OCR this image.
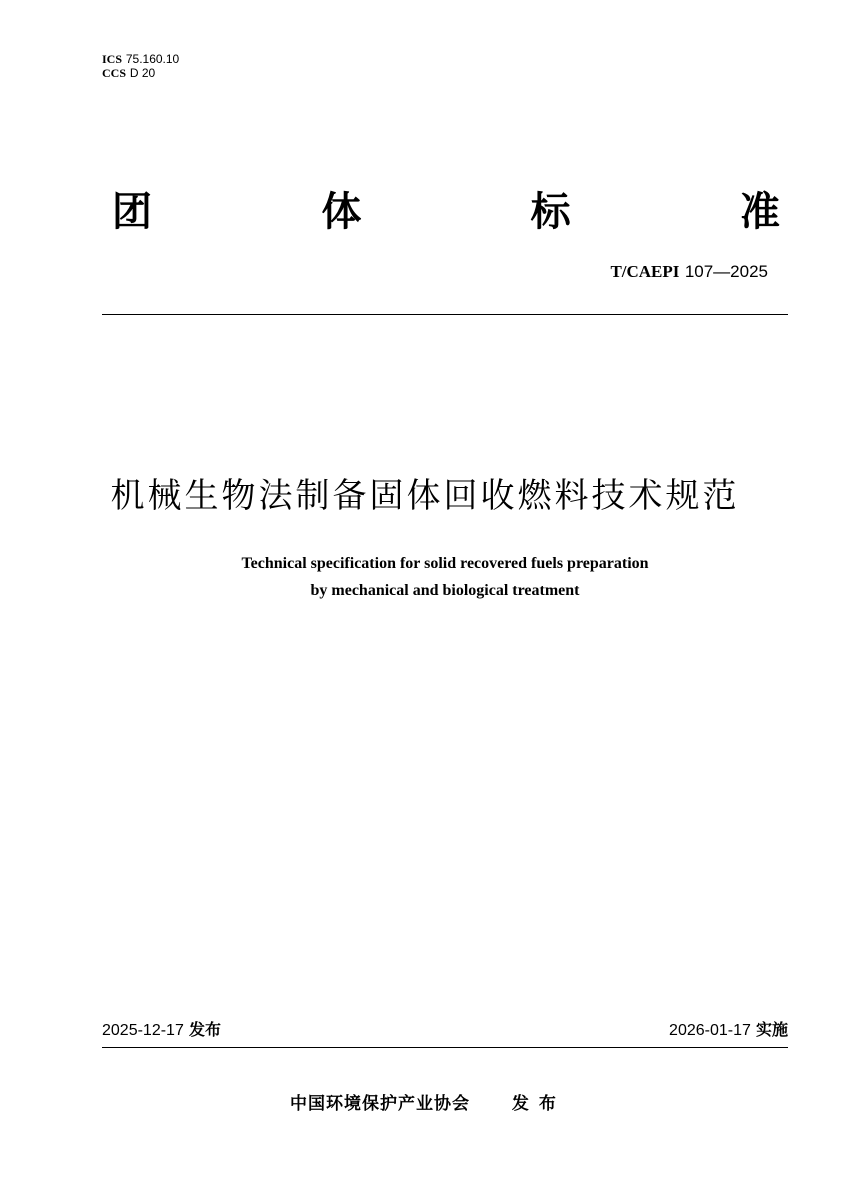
ICS 75.160.10
CCS D 20
团	体	标	准
T/CAEPI 107—2025
机械生物法制备固体回收燃料技术规范
Technical specification for solid recovered fuels preparation
by mechanical and biological treatment
2025-12-17 发布	2026-01-17 实施
中国环境保护产业协会 发布
